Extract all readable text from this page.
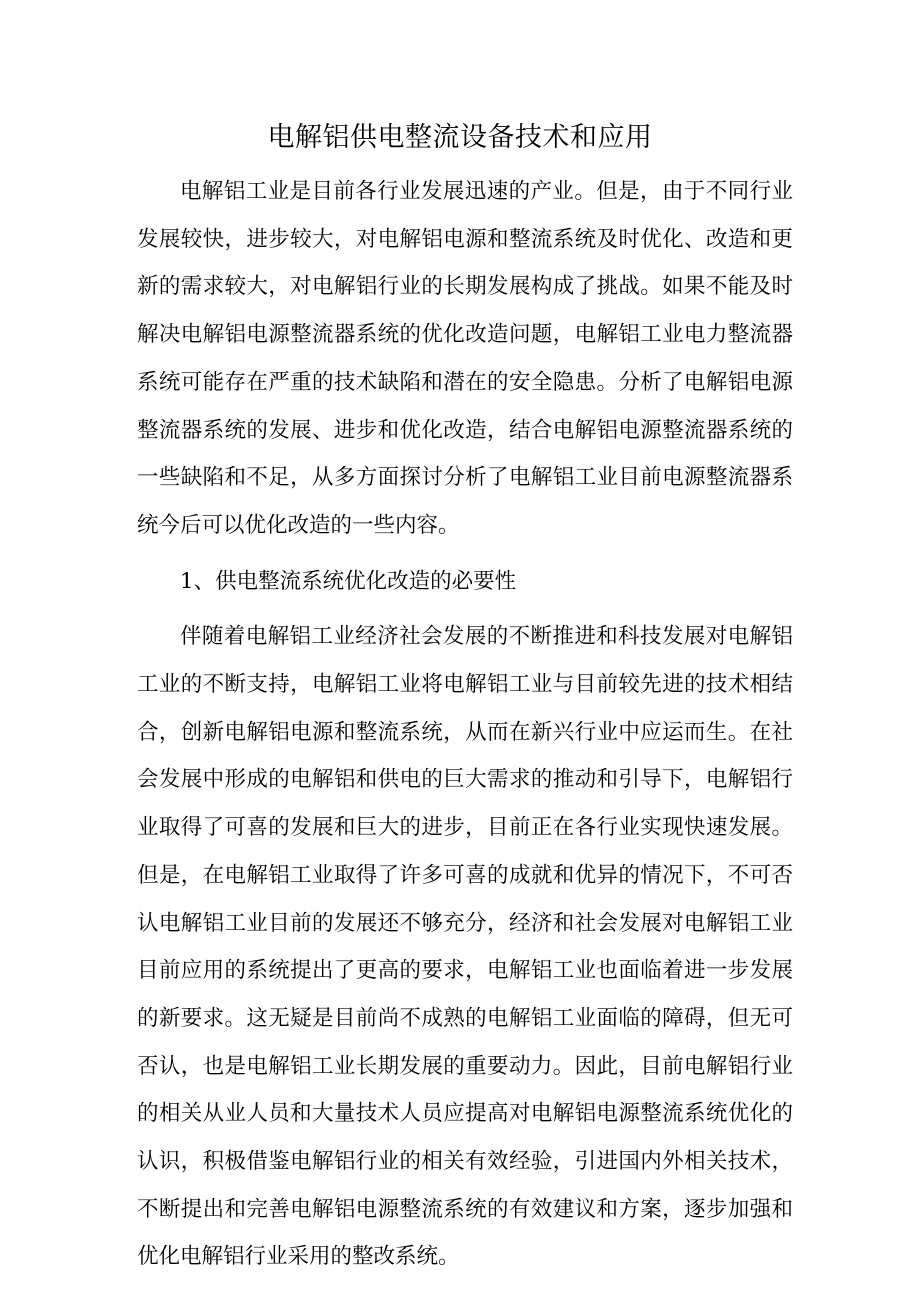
电解铝供电整流设备技术和应用

电解铝工业是目前各行业发展迅速的产业。但是，由于不同行业发展较快，进步较大，对电解铝电源和整流系统及时优化、改造和更新的需求较大，对电解铝行业的长期发展构成了挑战。如果不能及时解决电解铝电源整流器系统的优化改造问题，电解铝工业电力整流器系统可能存在严重的技术缺陷和潜在的安全隐患。分析了电解铝电源整流器系统的发展、进步和优化改造，结合电解铝电源整流器系统的一些缺陷和不足，从多方面探讨分析了电解铝工业目前电源整流器系统今后可以优化改造的一些内容。

1、供电整流系统优化改造的必要性

伴随着电解铝工业经济社会发展的不断推进和科技发展对电解铝工业的不断支持，电解铝工业将电解铝工业与目前较先进的技术相结合，创新电解铝电源和整流系统，从而在新兴行业中应运而生。在社会发展中形成的电解铝和供电的巨大需求的推动和引导下，电解铝行业取得了可喜的发展和巨大的进步，目前正在各行业实现快速发展。但是，在电解铝工业取得了许多可喜的成就和优异的情况下，不可否认电解铝工业目前的发展还不够充分，经济和社会发展对电解铝工业目前应用的系统提出了更高的要求，电解铝工业也面临着进一步发展的新要求。这无疑是目前尚不成熟的电解铝工业面临的障碍，但无可否认，也是电解铝工业长期发展的重要动力。因此，目前电解铝行业的相关从业人员和大量技术人员应提高对电解铝电源整流系统优化的认识，积极借鉴电解铝行业的相关有效经验，引进国内外相关技术，不断提出和完善电解铝电源整流系统的有效建议和方案，逐步加强和优化电解铝行业采用的整改系统。
